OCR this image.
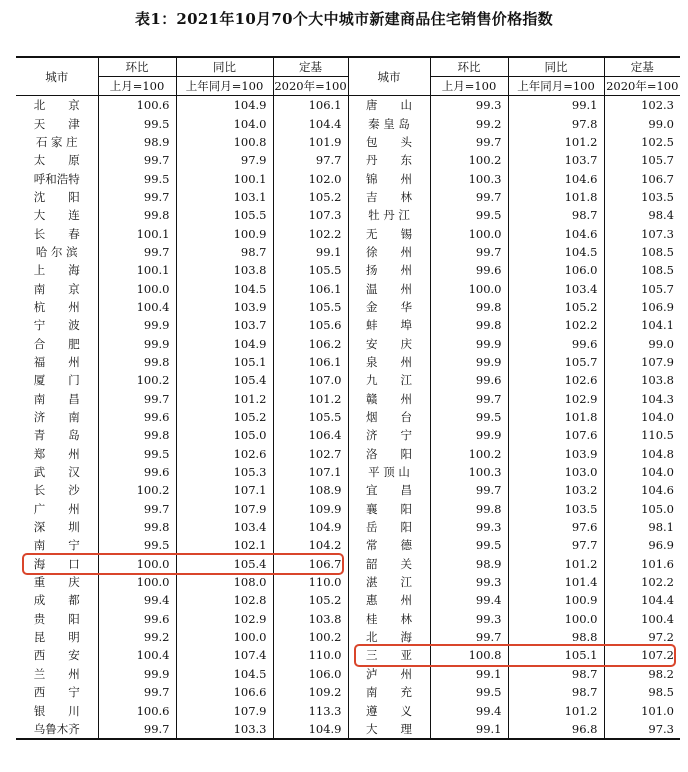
表1：2021年10月70个大中城市新建商品住宅销售价格指数
城市	环比	同比	定基	城市	环比	同比	定基
	上月=100	上年同月=100	2020年=100		上月=100	上年同月=100	2020年=100
北　　京	100.6	104.9	106.1	唐　　山	99.3	99.1	102.3
天　　津	99.5	104.0	104.4	秦 皇 岛	99.2	97.8	99.0
石 家 庄	98.9	100.8	101.9	包　　头	99.7	101.2	102.5
太　　原	99.7	97.9	97.7	丹　　东	100.2	103.7	105.7
呼和浩特	99.5	100.1	102.0	锦　　州	100.3	104.6	106.7
沈　　阳	99.7	103.1	105.2	吉　　林	99.7	101.8	103.5
大　　连	99.8	105.5	107.3	牡 丹 江	99.5	98.7	98.4
长　　春	100.1	100.9	102.2	无　　锡	100.0	104.6	107.3
哈 尔 滨	99.7	98.7	99.1	徐　　州	99.7	104.5	108.5
上　　海	100.1	103.8	105.5	扬　　州	99.6	106.0	108.5
南　　京	100.0	104.5	106.1	温　　州	100.0	103.4	105.7
杭　　州	100.4	103.9	105.5	金　　华	99.8	105.2	106.9
宁　　波	99.9	103.7	105.6	蚌　　埠	99.8	102.2	104.1
合　　肥	99.9	104.9	106.2	安　　庆	99.9	99.6	99.0
福　　州	99.8	105.1	106.1	泉　　州	99.9	105.7	107.9
厦　　门	100.2	105.4	107.0	九　　江	99.6	102.6	103.8
南　　昌	99.7	101.2	101.2	赣　　州	99.7	102.9	104.3
济　　南	99.6	105.2	105.5	烟　　台	99.5	101.8	104.0
青　　岛	99.8	105.0	106.4	济　　宁	99.9	107.6	110.5
郑　　州	99.5	102.6	102.7	洛　　阳	100.2	103.9	104.8
武　　汉	99.6	105.3	107.1	平 顶 山	100.3	103.0	104.0
长　　沙	100.2	107.1	108.9	宜　　昌	99.7	103.2	104.6
广　　州	99.7	107.9	109.9	襄　　阳	99.8	103.5	105.0
深　　圳	99.8	103.4	104.9	岳　　阳	99.3	97.6	98.1
南　　宁	99.5	102.1	104.2	常　　德	99.5	97.7	96.9
海　　口	100.0	105.4	106.7	韶　　关	98.9	101.2	101.6
重　　庆	100.0	108.0	110.0	湛　　江	99.3	101.4	102.2
成　　都	99.4	102.8	105.2	惠　　州	99.4	100.9	104.4
贵　　阳	99.6	102.9	103.8	桂　　林	99.3	100.0	100.4
昆　　明	99.2	100.0	100.2	北　　海	99.7	98.8	97.2
西　　安	100.4	107.4	110.0	三　　亚	100.8	105.1	107.2
兰　　州	99.9	104.5	106.0	泸　　州	99.1	98.7	98.2
西　　宁	99.7	106.6	109.2	南　　充	99.5	98.7	98.5
银　　川	100.6	107.9	113.3	遵　　义	99.4	101.2	101.0
乌鲁木齐	99.7	103.3	104.9	大　　理	99.1	96.8	97.3
